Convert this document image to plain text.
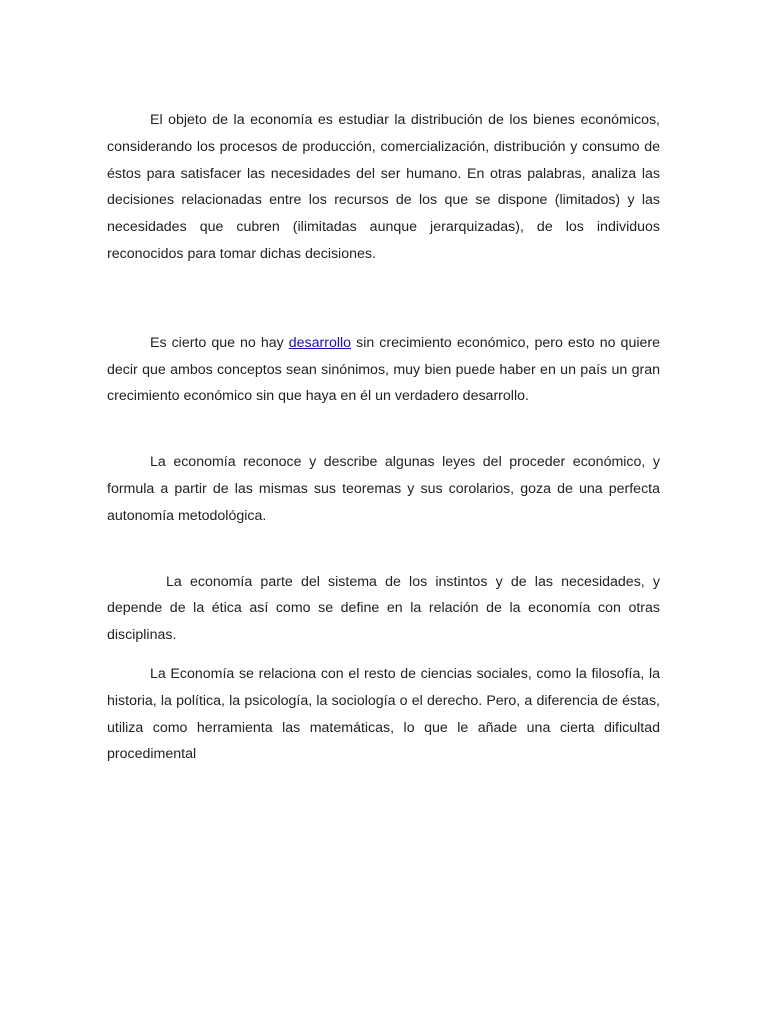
El objeto de la economía es estudiar la distribución de los bienes económicos, considerando los procesos de producción, comercialización, distribución y consumo de éstos para satisfacer las necesidades del ser humano. En otras palabras, analiza las decisiones relacionadas entre los recursos de los que se dispone (limitados) y las necesidades que cubren (ilimitadas aunque jerarquizadas), de los individuos reconocidos para tomar dichas decisiones.

Es cierto que no hay desarrollo sin crecimiento económico, pero esto no quiere decir que ambos conceptos sean sinónimos, muy bien puede haber en un país un gran crecimiento económico sin que haya en él un verdadero desarrollo.

La economía reconoce y describe algunas leyes del proceder económico, y formula a partir de las mismas sus teoremas y sus corolarios, goza de una perfecta autonomía metodológica.

La economía parte del sistema de los instintos y de las necesidades, y depende de la ética así como se define en la relación de la economía con otras disciplinas.

La Economía se relaciona con el resto de ciencias sociales, como la filosofía, la historia, la política, la psicología, la sociología o el derecho. Pero, a diferencia de éstas, utiliza como herramienta las matemáticas, lo que le añade una cierta dificultad procedimental
